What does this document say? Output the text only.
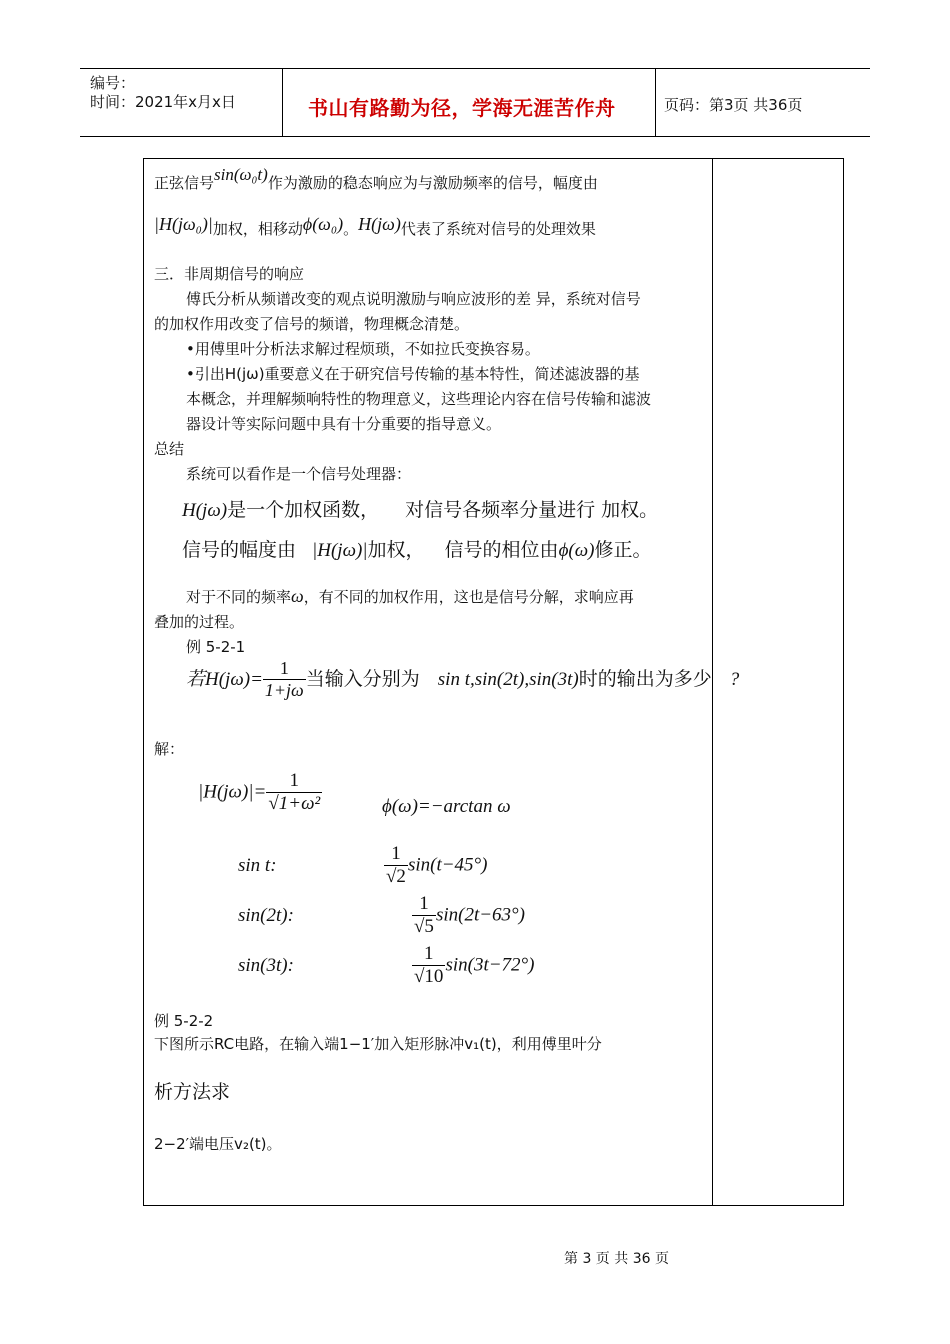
编号：
时间：2021年x月x日	书山有路勤为径，学海无涯苦作舟	页码：第3页 共36页
正弦信号sin(ω₀t)作为激励的稳态响应为与激励频率的信号，幅度由
|H(jω₀)|加权，相移动ϕ(ω₀)。H(jω)代表了系统对信号的处理效果
三．非周期信号的响应
傅氏分析从频谱改变的观点说明激励与响应波形的差 异，系统对信号
的加权作用改变了信号的频谱，物理概念清楚。
•用傅里叶分析法求解过程烦琐，不如拉氏变换容易。
•引出H(jω)重要意义在于研究信号传输的基本特性，简述滤波器的基
本概念，并理解频响特性的物理意义，这些理论内容在信号传输和滤波
器设计等实际问题中具有十分重要的指导意义。
总结
系统可以看作是一个信号处理器：
H(jω)是一个加权函数， 对信号各频率分量进行 加权。
信号的幅度由 |H(jω)|加权， 信号的相位由ϕ(ω)修正。
对于不同的频率ω，有不同的加权作用，这也是信号分解，求响应再
叠加的过程。
例 5-2-1
若$H(j\omega)= \frac{1}{1+j\omega}$ 当输入分别为 sin t,sin(2t),sin(3t)时的输出为多少 ?
解：
$|H(j\omega)|= \frac{1}{\text{√1+ω²}}$	ϕ(ω)=−arctan ω
sin t:	$\frac{1}{√2} \sin(t-45^\circ)$
sin(2t):	$\frac{1}{√5} \sin(2t-63^\circ)$
sin(3t):	$\frac{1}{√10} \sin(3t-72^\circ)$
例 5-2-2
下图所示RC电路，在输入端1−1′加入矩形脉冲v₁(t)，利用傅里叶分
析方法求
2−2′端电压v₂(t)。
第 3 页 共 36 页
